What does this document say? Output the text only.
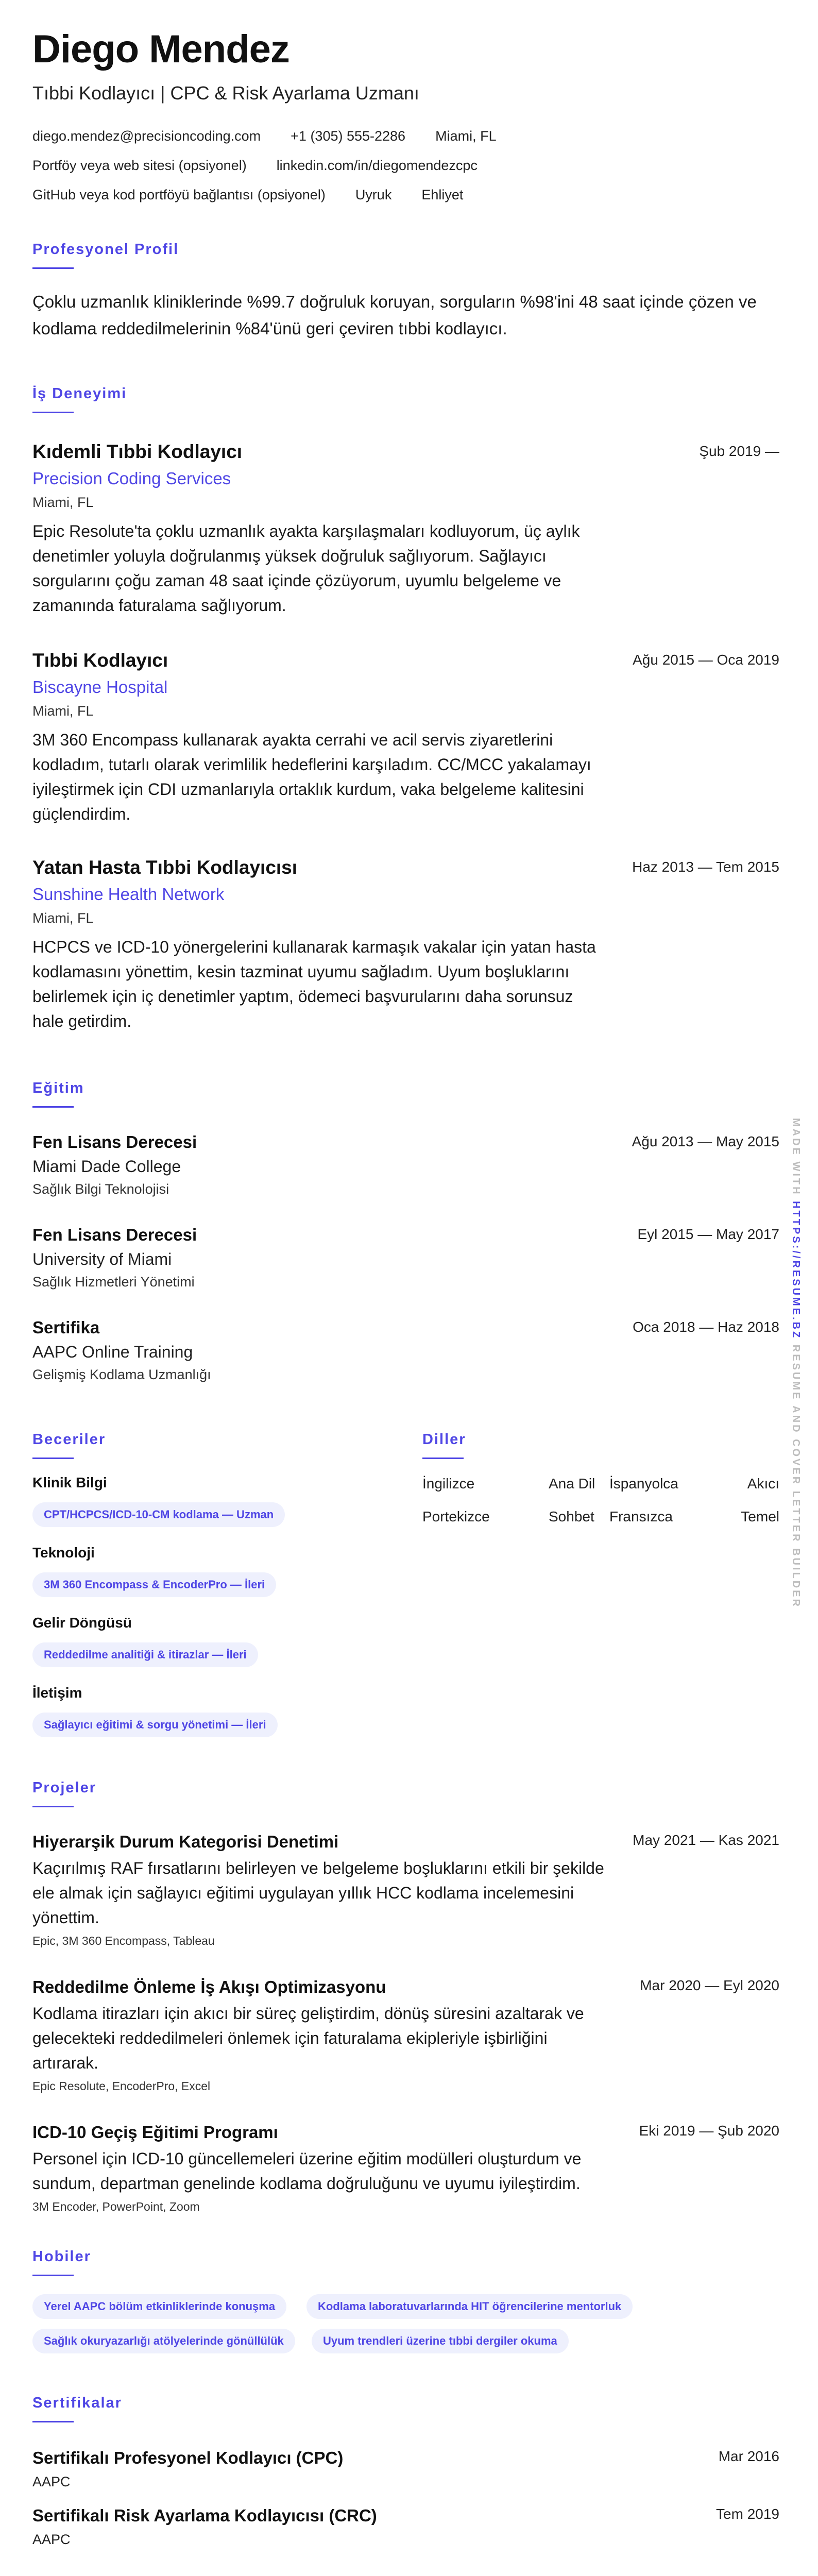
Diego Mendez
Tıbbi Kodlayıcı | CPC & Risk Ayarlama Uzmanı
diego.mendez@precisioncoding.com +1 (305) 555-2286 Miami, FL
Portföy veya web sitesi (opsiyonel) linkedin.com/in/diegomendezcpc
GitHub veya kod portföyü bağlantısı (opsiyonel) Uyruk Ehliyet
Profesyonel Profil
Çoklu uzmanlık kliniklerinde %99.7 doğruluk koruyan, sorguların %98'ini 48 saat içinde çözen ve kodlama reddedilmelerinin %84'ünü geri çeviren tıbbi kodlayıcı.
İş Deneyimi
Kıdemli Tıbbi Kodlayıcı	Şub 2019 —
Precision Coding Services
Miami, FL
Epic Resolute'ta çoklu uzmanlık ayakta karşılaşmaları kodluyorum, üç aylık denetimler yoluyla doğrulanmış yüksek doğruluk sağlıyorum. Sağlayıcı sorgularını çoğu zaman 48 saat içinde çözüyorum, uyumlu belgeleme ve zamanında faturalama sağlıyorum.
Tıbbi Kodlayıcı	Ağu 2015 — Oca 2019
Biscayne Hospital
Miami, FL
3M 360 Encompass kullanarak ayakta cerrahi ve acil servis ziyaretlerini kodladım, tutarlı olarak verimlilik hedeflerini karşıladım. CC/MCC yakalamayı iyileştirmek için CDI uzmanlarıyla ortaklık kurdum, vaka belgeleme kalitesini güçlendirdim.
Yatan Hasta Tıbbi Kodlayıcısı	Haz 2013 — Tem 2015
Sunshine Health Network
Miami, FL
HCPCS ve ICD-10 yönergelerini kullanarak karmaşık vakalar için yatan hasta kodlamasını yönettim, kesin tazminat uyumu sağladım. Uyum boşluklarını belirlemek için iç denetimler yaptım, ödemeci başvurularını daha sorunsuz hale getirdim.
Eğitim
Fen Lisans Derecesi	Ağu 2013 — May 2015
Miami Dade College
Sağlık Bilgi Teknolojisi
Fen Lisans Derecesi	Eyl 2015 — May 2017
University of Miami
Sağlık Hizmetleri Yönetimi
Sertifika	Oca 2018 — Haz 2018
AAPC Online Training
Gelişmiş Kodlama Uzmanlığı
Beceriler
Klinik Bilgi
CPT/HCPCS/ICD-10-CM kodlama — Uzman
Teknoloji
3M 360 Encompass & EncoderPro — İleri
Gelir Döngüsü
Reddedilme analitiği & itirazlar — İleri
İletişim
Sağlayıcı eğitimi & sorgu yönetimi — İleri
Diller
İngilizce	Ana Dil İspanyolca	Akıcı
Portekizce	Sohbet Fransızca	Temel
Projeler
Hiyerarşik Durum Kategorisi Denetimi	May 2021 — Kas 2021
Kaçırılmış RAF fırsatlarını belirleyen ve belgeleme boşluklarını etkili bir şekilde ele almak için sağlayıcı eğitimi uygulayan yıllık HCC kodlama incelemesini yönettim.
Epic, 3M 360 Encompass, Tableau
Reddedilme Önleme İş Akışı Optimizasyonu	Mar 2020 — Eyl 2020
Kodlama itirazları için akıcı bir süreç geliştirdim, dönüş süresini azaltarak ve gelecekteki reddedilmeleri önlemek için faturalama ekipleriyle işbirliğini artırarak.
Epic Resolute, EncoderPro, Excel
ICD-10 Geçiş Eğitimi Programı	Eki 2019 — Şub 2020
Personel için ICD-10 güncellemeleri üzerine eğitim modülleri oluşturdum ve sundum, departman genelinde kodlama doğruluğunu ve uyumu iyileştirdim.
3M Encoder, PowerPoint, Zoom
Hobiler
Yerel AAPC bölüm etkinliklerinde konuşma	Kodlama laboratuvarlarında HIT öğrencilerine mentorluk
Sağlık okuryazarlığı atölyelerinde gönüllülük	Uyum trendleri üzerine tıbbi dergiler okuma
Sertifikalar
Sertifikalı Profesyonel Kodlayıcı (CPC)	Mar 2016
AAPC
Sertifikalı Risk Ayarlama Kodlayıcısı (CRC)	Tem 2019
AAPC
MADE WITH HTTPS://RESUME.BZ RESUME AND COVER LETTER BUILDER
